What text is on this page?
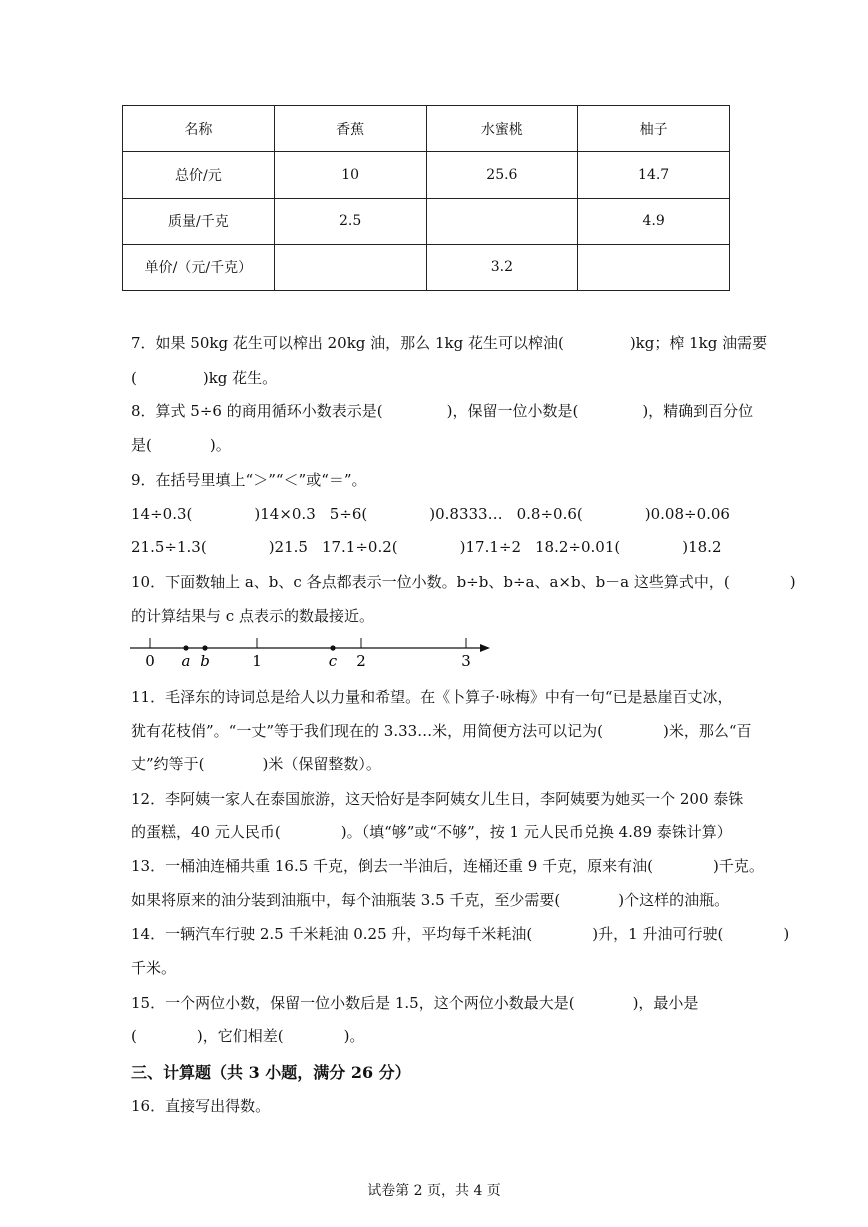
名称	香蕉	水蜜桃	柚子
总价/元	10	25.6	14.7
质量/千克	2.5		4.9
单价/（元/千克）		3.2	
7．如果 50kg 花生可以榨出 20kg 油，那么 1kg 花生可以榨油(	)kg；榨 1kg 油需要
(	)kg 花生。
8．算式 5÷6 的商用循环小数表示是(	)，保留一位小数是(	)，精确到百分位
是(	)。
9．在括号里填上“＞”“＜”或“＝”。
14÷0.3(	)14×0.3 5÷6(	)0.8333… 0.8÷0.6(	)0.08÷0.06
21.5÷1.3(	)21.5 17.1÷0.2(	)17.1÷2 18.2÷0.01(	)18.2
10．下面数轴上 a、b、c 各点都表示一位小数。b÷b、b÷a、a×b、b－a 这些算式中，(	)
的计算结果与 c 点表示的数最接近。
0 a b	1	c 2	3
11．毛泽东的诗词总是给人以力量和希望。在《卜算子·咏梅》中有一句“已是悬崖百丈冰，
犹有花枝俏”。“一丈”等于我们现在的 3.33…米，用简便方法可以记为(	)米，那么“百
丈”约等于(	)米（保留整数）。
12．李阿姨一家人在泰国旅游，这天恰好是李阿姨女儿生日，李阿姨要为她买一个 200 泰铢
的蛋糕，40 元人民币(	)。（填“够”或“不够”，按 1 元人民币兑换 4.89 泰铢计算）
13．一桶油连桶共重 16.5 千克，倒去一半油后，连桶还重 9 千克，原来有油(	)千克。
如果将原来的油分装到油瓶中，每个油瓶装 3.5 千克，至少需要(	)个这样的油瓶。
14．一辆汽车行驶 2.5 千米耗油 0.25 升，平均每千米耗油(	)升，1 升油可行驶(	)
千米。
15．一个两位小数，保留一位小数后是 1.5，这个两位小数最大是(	)，最小是
(	)，它们相差(	)。
三、计算题（共 3 小题，满分 26 分）
16．直接写出得数。
试卷第 2 页，共 4 页
